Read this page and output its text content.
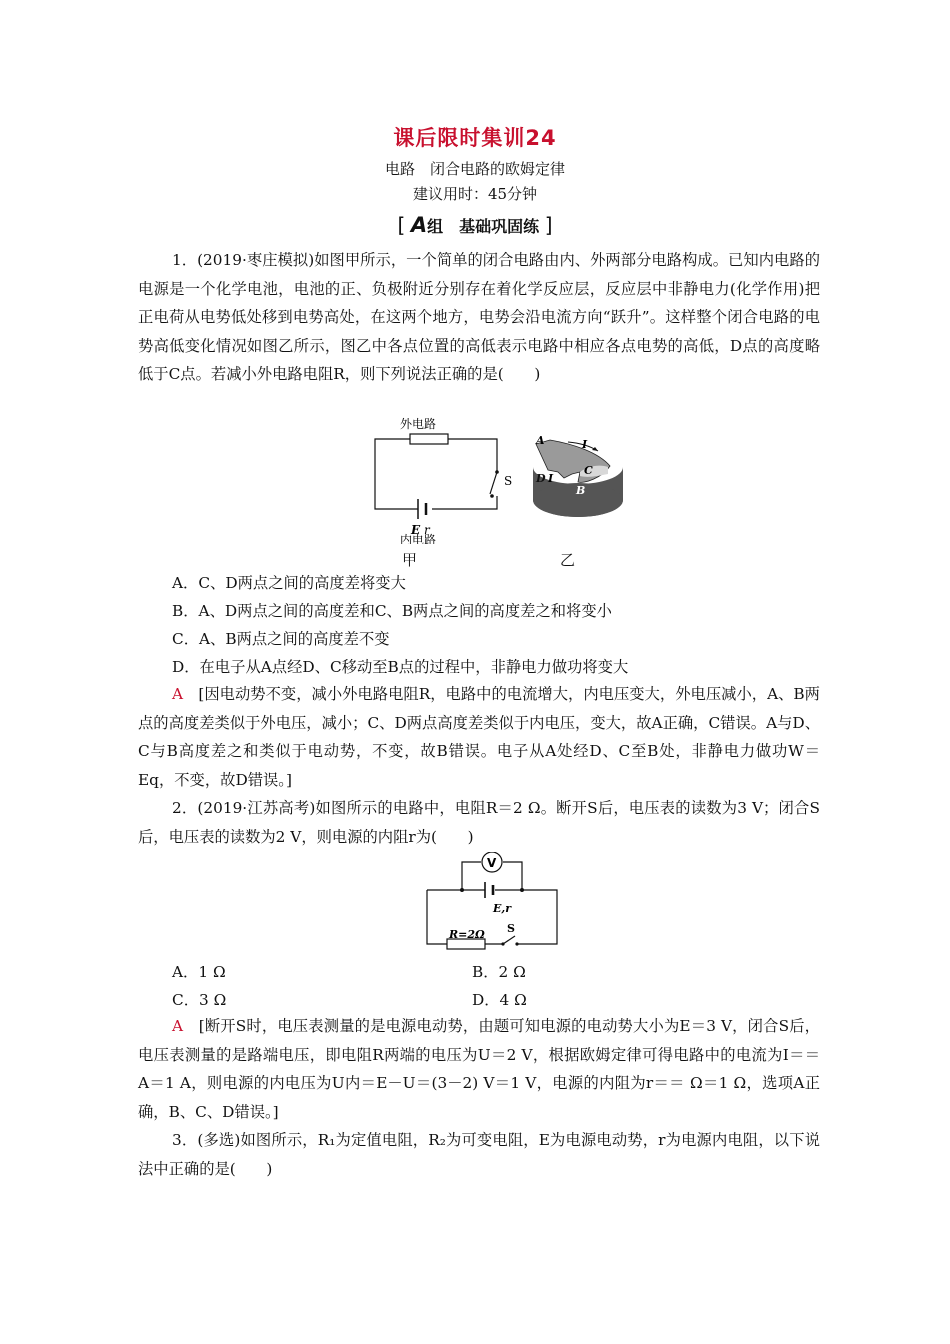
课后限时集训24
电路　闭合电路的欧姆定律
建议用时：45分钟
[ A组　基础巩固练 ]

1．(2019·枣庄模拟)如图甲所示，一个简单的闭合电路由内、外两部分电路构成。已知内电路的电源是一个化学电池，电池的正、负极附近分别存在着化学反应层，反应层中非静电力(化学作用)把正电荷从电势低处移到电势高处，在这两个地方，电势会沿电流方向“跃升”。这样整个闭合电路的电势高低变化情况如图乙所示，图乙中各点位置的高低表示电路中相应各点电势的高低，D点的高度略低于C点。若减小外电路电阻R，则下列说法正确的是(　　)

外电路
S
E r
内电路
甲
A	I
C
D I
B
乙
A．C、D两点之间的高度差将变大
B．A、D两点之间的高度差和C、B两点之间的高度差之和将变小
C．A、B两点之间的高度差不变
D．在电子从A点经D、C移动至B点的过程中，非静电力做功将变大

A　 [因电动势不变，减小外电路电阻R，电路中的电流增大，内电压变大，外电压减小，A、B两点的高度差类似于外电压，减小；C、D两点高度差类似于内电压，变大，故A正确，C错误。A与D、C与B高度差之和类似于电动势，不变，故B错误。电子从A处经D、C至B处，非静电力做功W＝Eq，不变，故D错误。]

2．(2019·江苏高考)如图所示的电路中，电阻R＝2 Ω。断开S后，电压表的读数为3 V；闭合S后，电压表的读数为2 V，则电源的内阻r为(　　)

V
E,r
R=2Ω S
A．1 Ω	B．2 Ω
C．3 Ω	D．4 Ω

A　 [断开S时，电压表测量的是电源电动势，由题可知电源的电动势大小为E＝3 V，闭合S后，电压表测量的是路端电压，即电阻R两端的电压为U＝2 V，根据欧姆定律可得电路中的电流为I＝＝ A＝1 A，则电源的内电压为U内＝E－U＝(3－2) V＝1 V，电源的内阻为r＝＝ Ω＝1 Ω，选项A正确，B、C、D错误。]

3．(多选)如图所示，R₁为定值电阻，R₂为可变电阻，E为电源电动势，r为电源内电阻，以下说法中正确的是(　　)
